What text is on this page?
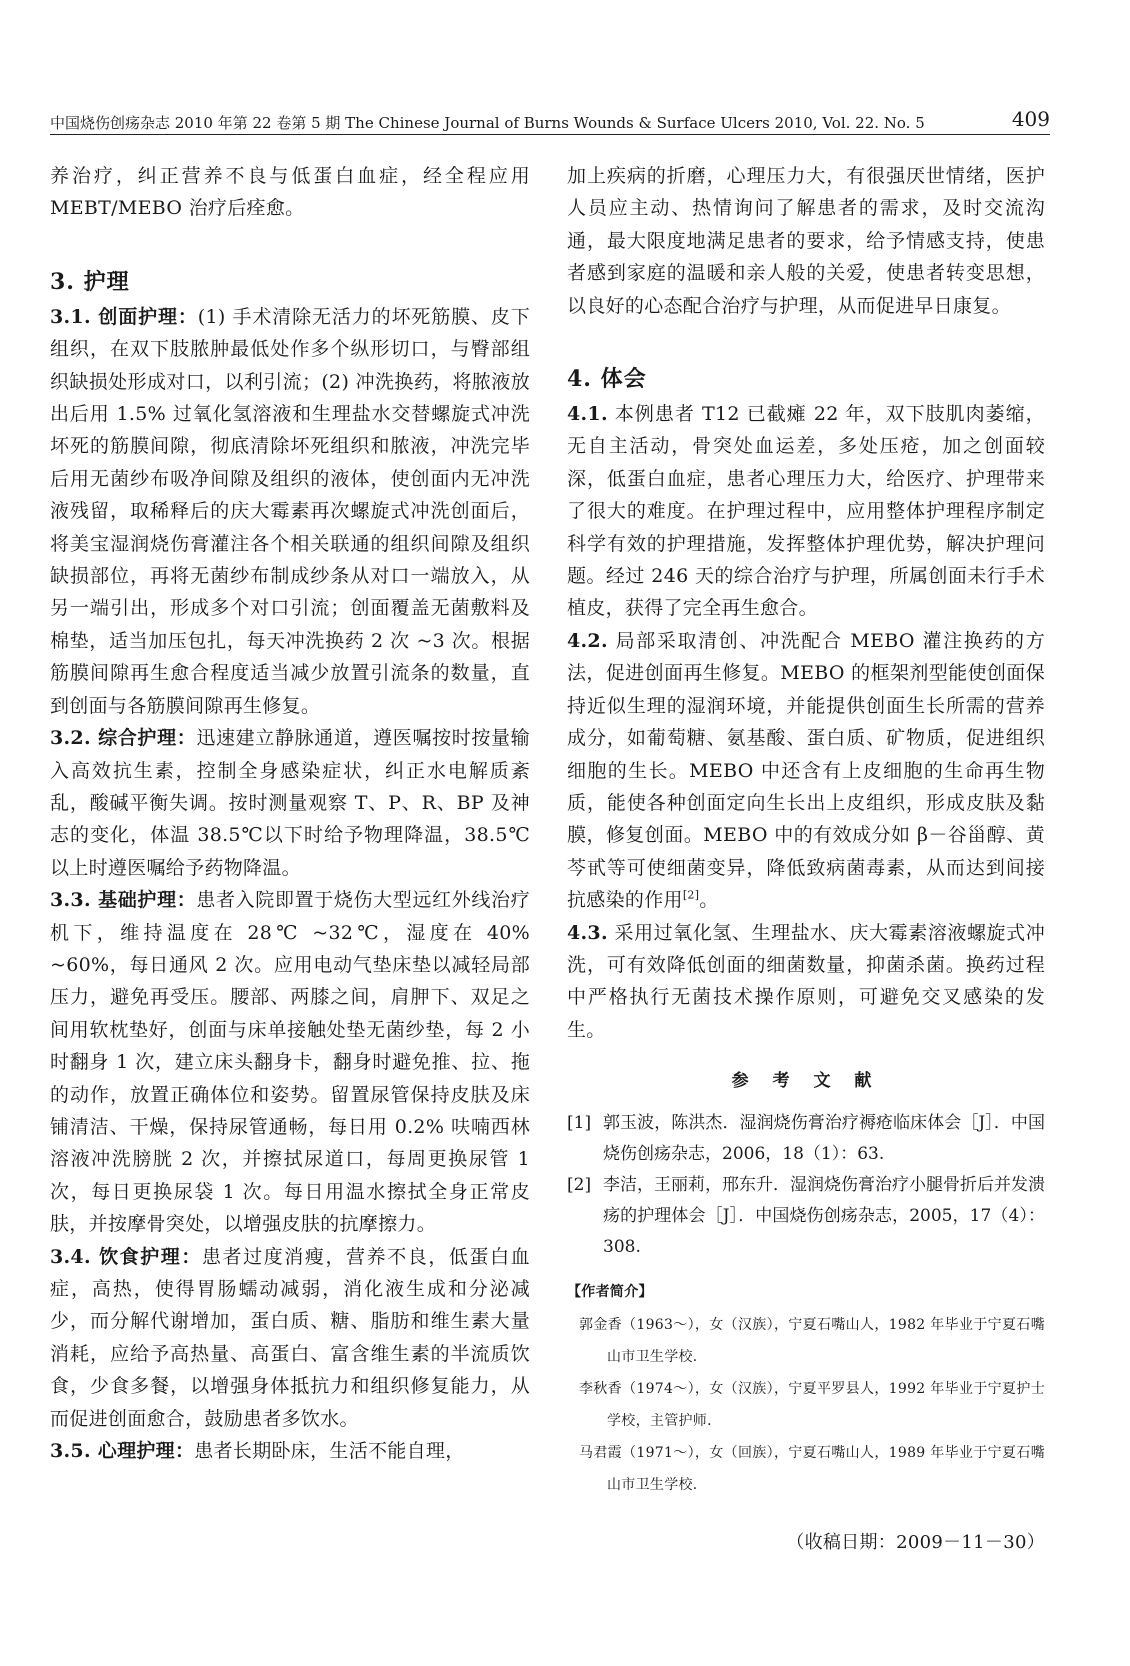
中国烧伤创疡杂志 2010 年第 22 卷第 5 期 The Chinese Journal of Burns Wounds & Surface Ulcers 2010, Vol. 22. No. 5	409

养治疗，纠正营养不良与低蛋白血症，经全程应用 MEBT/MEBO 治疗后痊愈。

3. 护理

3.1. 创面护理：(1) 手术清除无活力的坏死筋膜、皮下组织，在双下肢脓肿最低处作多个纵形切口，与臀部组织缺损处形成对口，以利引流；(2) 冲洗换药，将脓液放出后用 1.5% 过氧化氢溶液和生理盐水交替螺旋式冲洗坏死的筋膜间隙，彻底清除坏死组织和脓液，冲洗完毕后用无菌纱布吸净间隙及组织的液体，使创面内无冲洗液残留，取稀释后的庆大霉素再次螺旋式冲洗创面后，将美宝湿润烧伤膏灌注各个相关联通的组织间隙及组织缺损部位，再将无菌纱布制成纱条从对口一端放入，从另一端引出，形成多个对口引流；创面覆盖无菌敷料及棉垫，适当加压包扎，每天冲洗换药 2 次 ~3 次。根据筋膜间隙再生愈合程度适当减少放置引流条的数量，直到创面与各筋膜间隙再生修复。

3.2. 综合护理：迅速建立静脉通道，遵医嘱按时按量输入高效抗生素，控制全身感染症状，纠正水电解质紊乱，酸碱平衡失调。按时测量观察 T、P、R、BP 及神志的变化，体温 38.5℃以下时给予物理降温，38.5℃以上时遵医嘱给予药物降温。

3.3. 基础护理：患者入院即置于烧伤大型远红外线治疗机下，维持温度在 28℃ ~32℃，湿度在 40% ~60%，每日通风 2 次。应用电动气垫床垫以减轻局部压力，避免再受压。腰部、两膝之间，肩胛下、双足之间用软枕垫好，创面与床单接触处垫无菌纱垫，每 2 小时翻身 1 次，建立床头翻身卡，翻身时避免推、拉、拖的动作，放置正确体位和姿势。留置尿管保持皮肤及床铺清洁、干燥，保持尿管通畅，每日用 0.2% 呋喃西林溶液冲洗膀胱 2 次，并擦拭尿道口，每周更换尿管 1 次，每日更换尿袋 1 次。每日用温水擦拭全身正常皮肤，并按摩骨突处，以增强皮肤的抗摩擦力。

3.4. 饮食护理：患者过度消瘦，营养不良，低蛋白血症，高热，使得胃肠蠕动减弱，消化液生成和分泌减少，而分解代谢增加，蛋白质、糖、脂肪和维生素大量消耗，应给予高热量、高蛋白、富含维生素的半流质饮食，少食多餐，以增强身体抵抗力和组织修复能力，从而促进创面愈合，鼓励患者多饮水。

3.5. 心理护理：患者长期卧床，生活不能自理，

加上疾病的折磨，心理压力大，有很强厌世情绪，医护人员应主动、热情询问了解患者的需求，及时交流沟通，最大限度地满足患者的要求，给予情感支持，使患者感到家庭的温暖和亲人般的关爱，使患者转变思想，以良好的心态配合治疗与护理，从而促进早日康复。

4. 体会

4.1. 本例患者 T12 已截瘫 22 年，双下肢肌肉萎缩，无自主活动，骨突处血运差，多处压疮，加之创面较深，低蛋白血症，患者心理压力大，给医疗、护理带来了很大的难度。在护理过程中，应用整体护理程序制定科学有效的护理措施，发挥整体护理优势，解决护理问题。经过 246 天的综合治疗与护理，所属创面未行手术植皮，获得了完全再生愈合。

4.2. 局部采取清创、冲洗配合 MEBO 灌注换药的方法，促进创面再生修复。MEBO 的框架剂型能使创面保持近似生理的湿润环境，并能提供创面生长所需的营养成分，如葡萄糖、氨基酸、蛋白质、矿物质，促进组织细胞的生长。MEBO 中还含有上皮细胞的生命再生物质，能使各种创面定向生长出上皮组织，形成皮肤及黏膜，修复创面。MEBO 中的有效成分如 β－谷甾醇、黄芩甙等可使细菌变异，降低致病菌毒素，从而达到间接抗感染的作用[2]。

4.3. 采用过氧化氢、生理盐水、庆大霉素溶液螺旋式冲洗，可有效降低创面的细菌数量，抑菌杀菌。换药过程中严格执行无菌技术操作原则，可避免交叉感染的发生。

参 考 文 献
[1] 郭玉波，陈洪杰．湿润烧伤膏治疗褥疮临床体会［J］．中国烧伤创疡杂志，2006，18（1）：63.
[2] 李洁，王丽莉，邢东升．湿润烧伤膏治疗小腿骨折后并发溃疡的护理体会［J］．中国烧伤创疡杂志，2005，17（4）：308.

【作者简介】

郭金香（1963～），女（汉族），宁夏石嘴山人，1982 年毕业于宁夏石嘴山市卫生学校．

李秋香（1974～），女（汉族），宁夏平罗县人，1992 年毕业于宁夏护士学校，主管护师．

马君霞（1971～），女（回族），宁夏石嘴山人，1989 年毕业于宁夏石嘴山市卫生学校．

（收稿日期：2009－11－30）
